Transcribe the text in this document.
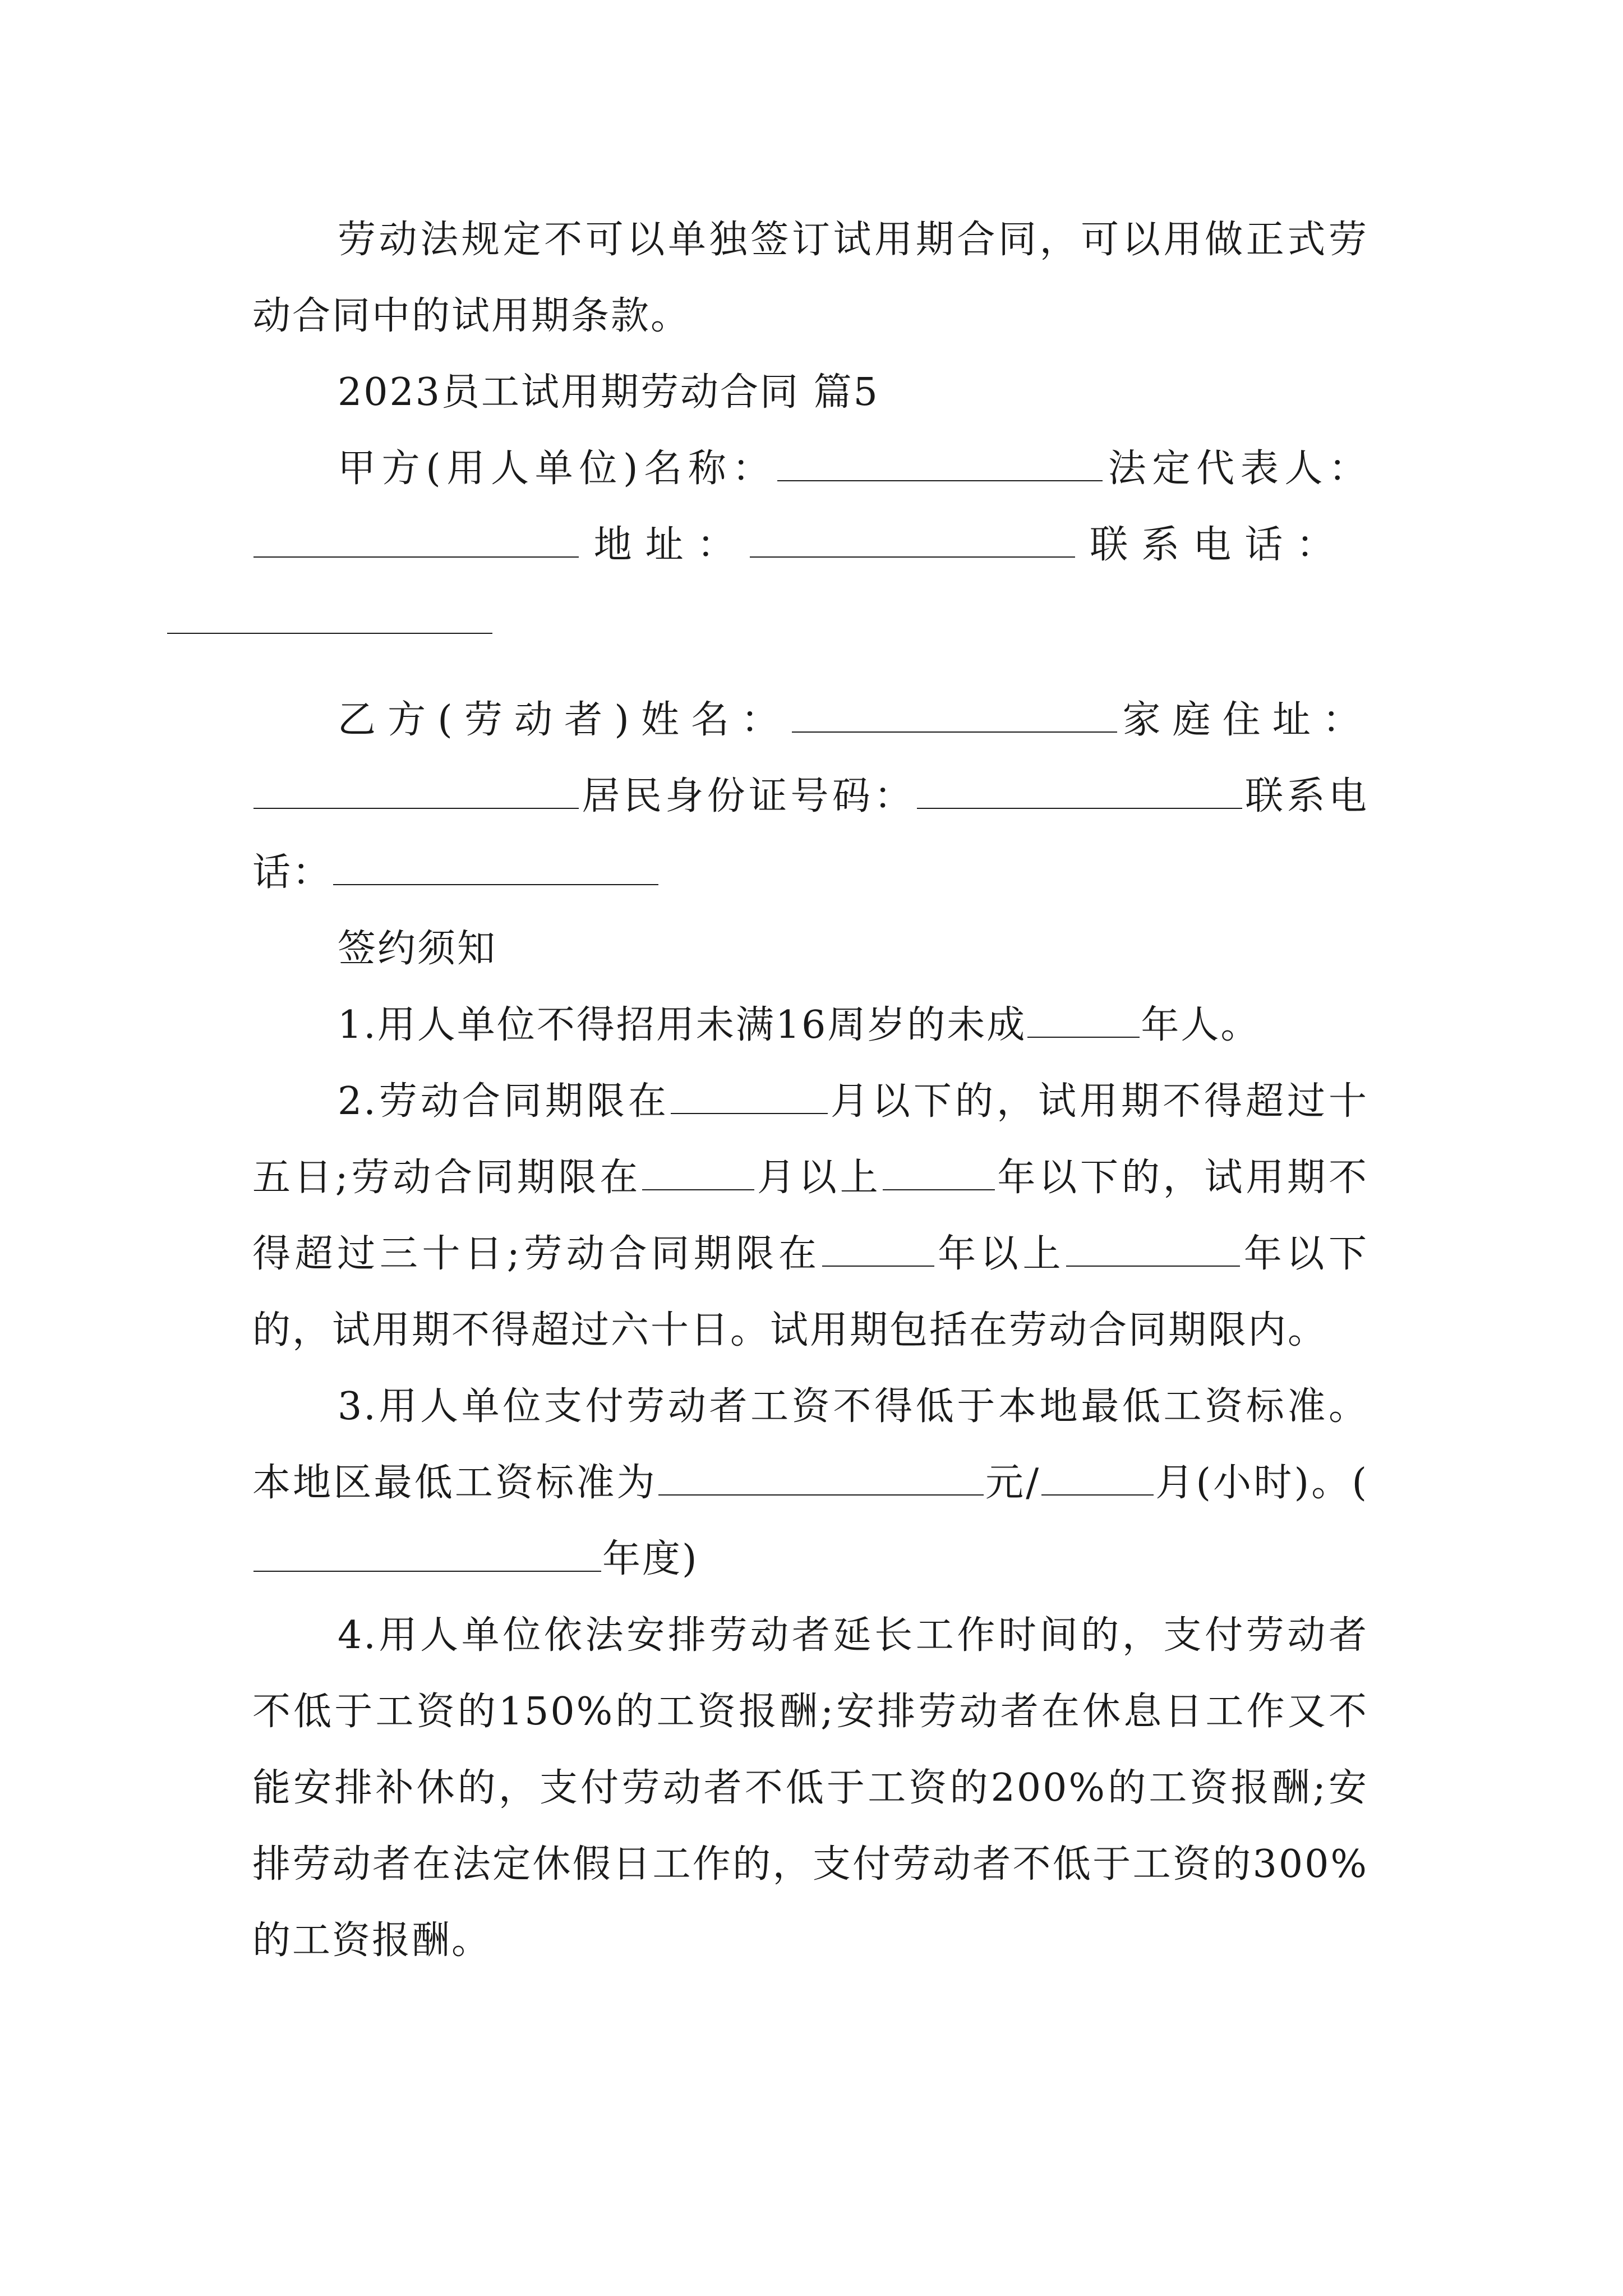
劳动法规定不可以单独签订试用期合同，可以用做正式劳动合同中的试用期条款。

2023员工试用期劳动合同 篇5

甲方(用人单位)名称：	法定代表人： 地址：	联系电话：

乙方(劳动者)姓名：	家庭住址：居民身份证号码：	联系电话：

签约须知

1.用人单位不得招用未满16周岁的未成	年人。

2.劳动合同期限在	月以下的，试用期不得超过十五日;劳动合同期限在	月以上	年以下的，试用期不得超过三十日;劳动合同期限在	年以上	年以下的，试用期不得超过六十日。试用期包括在劳动合同期限内。

3.用人单位支付劳动者工资不得低于本地最低工资标准。本地区最低工资标准为	元/	月(小时)。(年度)

4.用人单位依法安排劳动者延长工作时间的，支付劳动者不低于工资的150%的工资报酬;安排劳动者在休息日工作又不能安排补休的，支付劳动者不低于工资的200%的工资报酬;安排劳动者在法定休假日工作的，支付劳动者不低于工资的300%的工资报酬。
